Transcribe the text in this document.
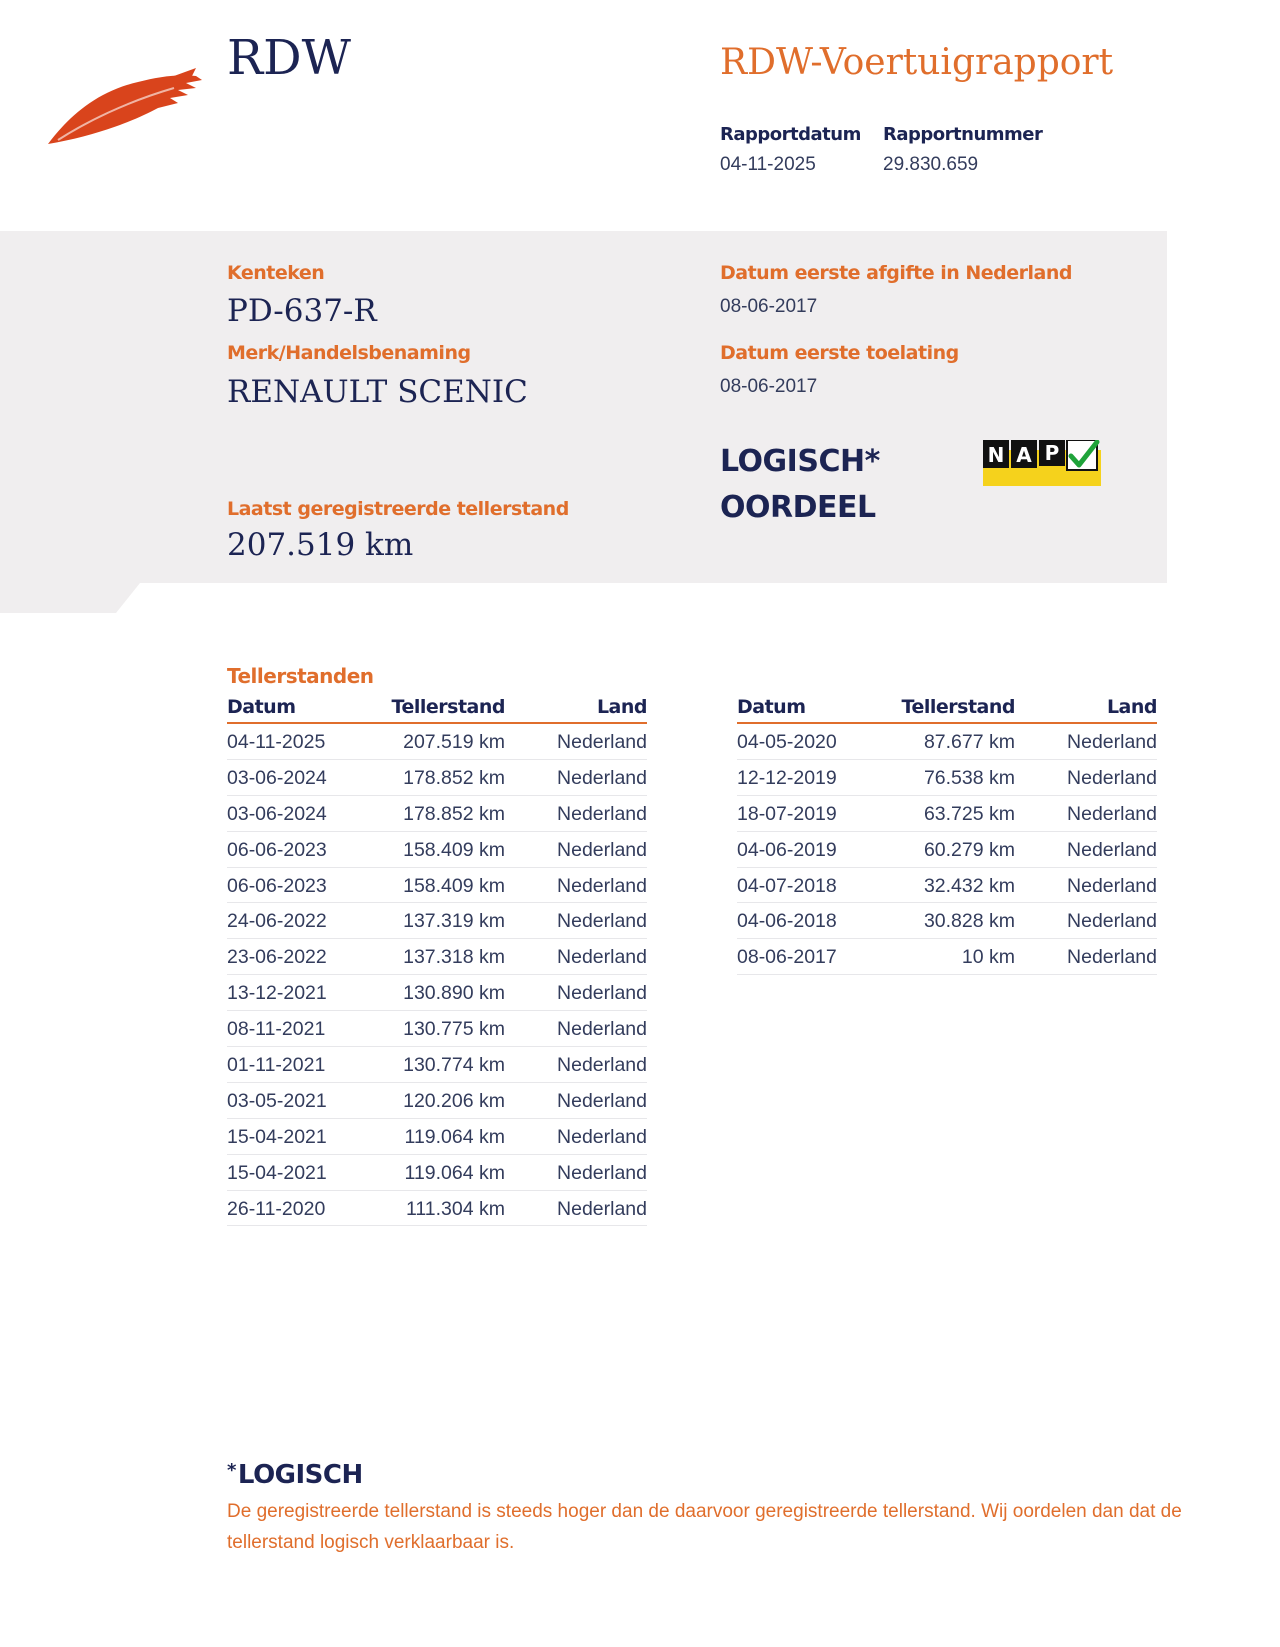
RDW	RDW-Voertuigrapport
Rapportdatum
04-11-2025
Rapportnummer
29.830.659
Kenteken
PD-637-R
Merk/Handelsbenaming
RENAULT SCENIC
Laatst geregistreerde tellerstand
207.519 km
Datum eerste afgifte in Nederland
08-06-2017
Datum eerste toelating
08-06-2017
LOGISCH*
OORDEEL
N A P
Tellerstanden
Datum	Tellerstand	Land
04-11-2025	207.519 km	Nederland
03-06-2024	178.852 km	Nederland
03-06-2024	178.852 km	Nederland
06-06-2023	158.409 km	Nederland
06-06-2023	158.409 km	Nederland
24-06-2022	137.319 km	Nederland
23-06-2022	137.318 km	Nederland
13-12-2021	130.890 km	Nederland
08-11-2021	130.775 km	Nederland
01-11-2021	130.774 km	Nederland
03-05-2021	120.206 km	Nederland
15-04-2021	119.064 km	Nederland
15-04-2021	119.064 km	Nederland
26-11-2020	111.304 km	Nederland
Datum	Tellerstand	Land
04-05-2020	87.677 km	Nederland
12-12-2019	76.538 km	Nederland
18-07-2019	63.725 km	Nederland
04-06-2019	60.279 km	Nederland
04-07-2018	32.432 km	Nederland
04-06-2018	30.828 km	Nederland
08-06-2017	10 km	Nederland
*LOGISCH
De geregistreerde tellerstand is steeds hoger dan de daarvoor geregistreerde tellerstand. Wij oordelen dan dat de tellerstand logisch verklaarbaar is.
